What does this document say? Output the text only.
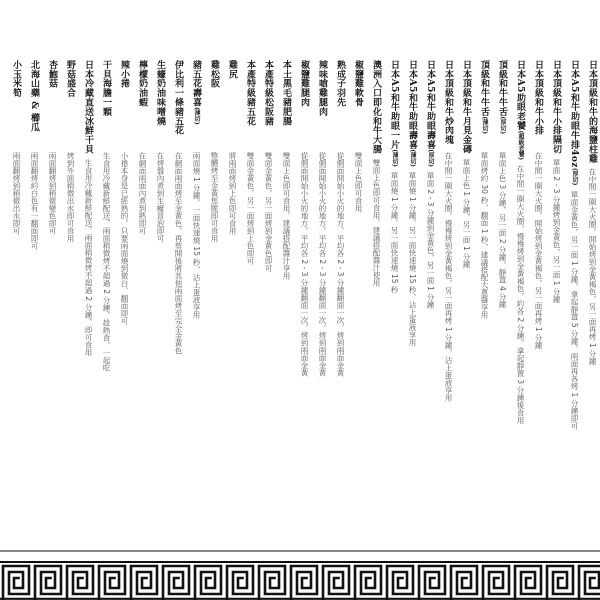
日本頂級和牛的海鹽柱雞
在中間一圈大火圈，開始烤到金黃褐色，另一面再烤 1 分鐘
日本A5和牛助眼牛排4oz(厚切)
單面金黃色，另一面 1 分鐘，拿起靜置 5 分鐘，兩面再各烤 1 分鐘即可
日本頂級和牛小排隔切
單面 2 - 3 分鐘烤到金黃色，另一面 1 分鐘
日本頂級和牛小排
在中間一圈大火圈，開始烤到金黃褐色，另一面再烤 1 分鐘
日本A5助眼老饕(超級老饕)
在中間一圈大火圈，慢慢烤到金黃褐色，約各 2 分鐘，拿起靜置 3 分鐘後食用
頂級和牛牛舌(厚切)
單面上色 3 分鐘，另一面 2 分鐘，靜置 4 分鐘
頂級和牛牛舌(薄切)
單面烤約 30 秒，翻面 1 秒，建議搭配大蔥醬享用
日本頂級和牛月見金磚
單面上色 1 分鐘，另一面 1 分鐘
日本頂級和牛炒肉塊
在中間一圈大火圈，慢慢烤到金黃褐色，另一面再烤 1 分鐘，沾上蛋液享用
日本A5和牛助眼壽喜(厚切)
單面 2 - 3 分鐘到金黃色，另一面 1 分鐘
日本A5和牛助眼壽喜(薄切)
單面燒 1 分鐘，另一面快速燒 15 秒，沾上蛋液享用
日本A5和牛助眼一片(薄切)
單面燒 1 分鐘，另一面快速燒 15 秒
澳洲入口即化和牛大腸
雙面上色即可食用，建議搭配醬汁使用
椒鹽雞軟骨
雙面上色即可食用
熟成子羽先
從側面開始小火的地方，平均各 2 - 3 分鐘翻面一次，烤到兩面金黃
辣味嗆雞腿肉
從側面開始小火的地方，平均各 2 - 3 分鐘翻面一次，烤到兩面金黃
椒鹽雞腿肉
從側面開始小火的地方，平均各 2 - 3 分鐘翻面一次，烤到兩面金黃
本土黑毛豬肥腸
雙面上色即可食用，建議搭配醬汁享用
本產特級松阪豬
雙面金黃色，另一面烤到金黃色即可
本產特級豬五花
雙面金黃色，另一面烤到上色即可
雞尻
將兩面烤到上色即可食用
雞松阪
整體烤至金黃焦脆即可食用
豬五花壽喜(薄切)
兩面燒 1 分鐘，一面快速燒 15 秒，沾上蛋液享用
伊比利一條豬五花
在網面兩面烤至金黃色，再剪開後將其他兩面烤至完全金黃色
生蠔奶油味噌燒
在烤盤內煮到生蠔冒泡即可
檸檬奶油蝦
在網面兩面內煮到熟即可
辣小捲
小捲本身是已經熟的，只要兩面燒到微白，翻面即可
干貝海膽一顆
生食用冷藏新鮮配送，兩面稍微烤不超過 2 分鐘，趁熱食，一起吃
日本冷藏直送冰鮮干貝
生食用冷藏新鮮配送，兩面稍微烤不超過 2 分鐘，即可食用
野菇盛合
烤到外面稍微出水即可食用
杏鮑菇
兩面翻烤到稍微變色即可
北海山藥 & 櫛瓜
兩面翻烤約白色有一翻面即可
小玉米筍
兩面翻烤到稍微出水即可
